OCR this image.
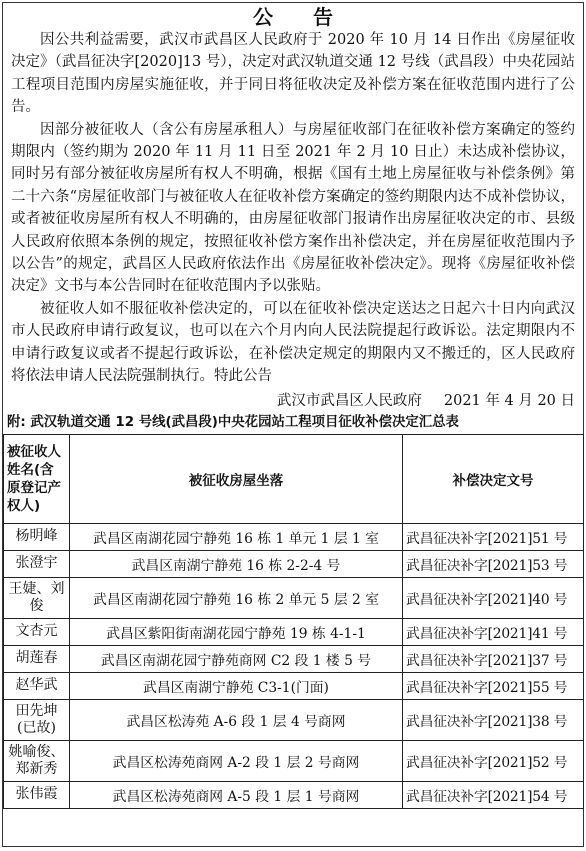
公告

因公共利益需要，武汉市武昌区人民政府于 2020 年 10 月 14 日作出《房屋征收决定》（武昌征决字[2020]13 号），决定对武汉轨道交通 12 号线（武昌段）中央花园站工程项目范围内房屋实施征收，并于同日将征收决定及补偿方案在征收范围内进行了公告。

因部分被征收人（含公有房屋承租人）与房屋征收部门在征收补偿方案确定的签约期限内（签约期为 2020 年 11 月 11 日至 2021 年 2 月 10 日止）未达成补偿协议，同时另有部分被征收房屋所有权人不明确，根据《国有土地上房屋征收与补偿条例》第二十六条“房屋征收部门与被征收人在征收补偿方案确定的签约期限内达不成补偿协议，或者被征收房屋所有权人不明确的，由房屋征收部门报请作出房屋征收决定的市、县级人民政府依照本条例的规定，按照征收补偿方案作出补偿决定，并在房屋征收范围内予以公告”的规定，武昌区人民政府依法作出《房屋征收补偿决定》。现将《房屋征收补偿决定》文书与本公告同时在征收范围内予以张贴。

被征收人如不服征收补偿决定的，可以在征收补偿决定送达之日起六十日内向武汉市人民政府申请行政复议，也可以在六个月内向人民法院提起行政诉讼。法定期限内不申请行政复议或者不提起行政诉讼，在补偿决定规定的期限内又不搬迁的，区人民政府将依法申请人民法院强制执行。特此公告

武汉市武昌区人民政府 2021 年 4 月 20 日
附: 武汉轨道交通 12 号线(武昌段)中央花园站工程项目征收补偿决定汇总表
被征收人姓名(含原登记产权人)	被征收房屋坐落	补偿决定文号
杨明峰	武昌区南湖花园宁静苑 16 栋 1 单元 1 层 1 室	武昌征决补字[2021]51 号
张澄宇	武昌区南湖宁静苑 16 栋 2-2-4 号	武昌征决补字[2021]53 号
王婕、刘俊	武昌区南湖花园宁静苑 16 栋 2 单元 5 层 2 室	武昌征决补字[2021]40 号
文杏元	武昌区紫阳街南湖花园宁静苑 19 栋 4-1-1	武昌征决补字[2021]41 号
胡莲春	武昌区南湖花园宁静苑商网 C2 段 1 楼 5 号	武昌征决补字[2021]37 号
赵华武	武昌区南湖宁静苑 C3-1(门面)	武昌征决补字[2021]55 号
田先坤(已故)	武昌区松涛苑 A-6 段 1 层 4 号商网	武昌征决补字[2021]38 号
姚喻俊、郑新秀	武昌区松涛苑商网 A-2 段 1 层 2 号商网	武昌征决补字[2021]52 号
张伟霞	武昌区松涛苑商网 A-5 段 1 层 1 号商网	武昌征决补字[2021]54 号
